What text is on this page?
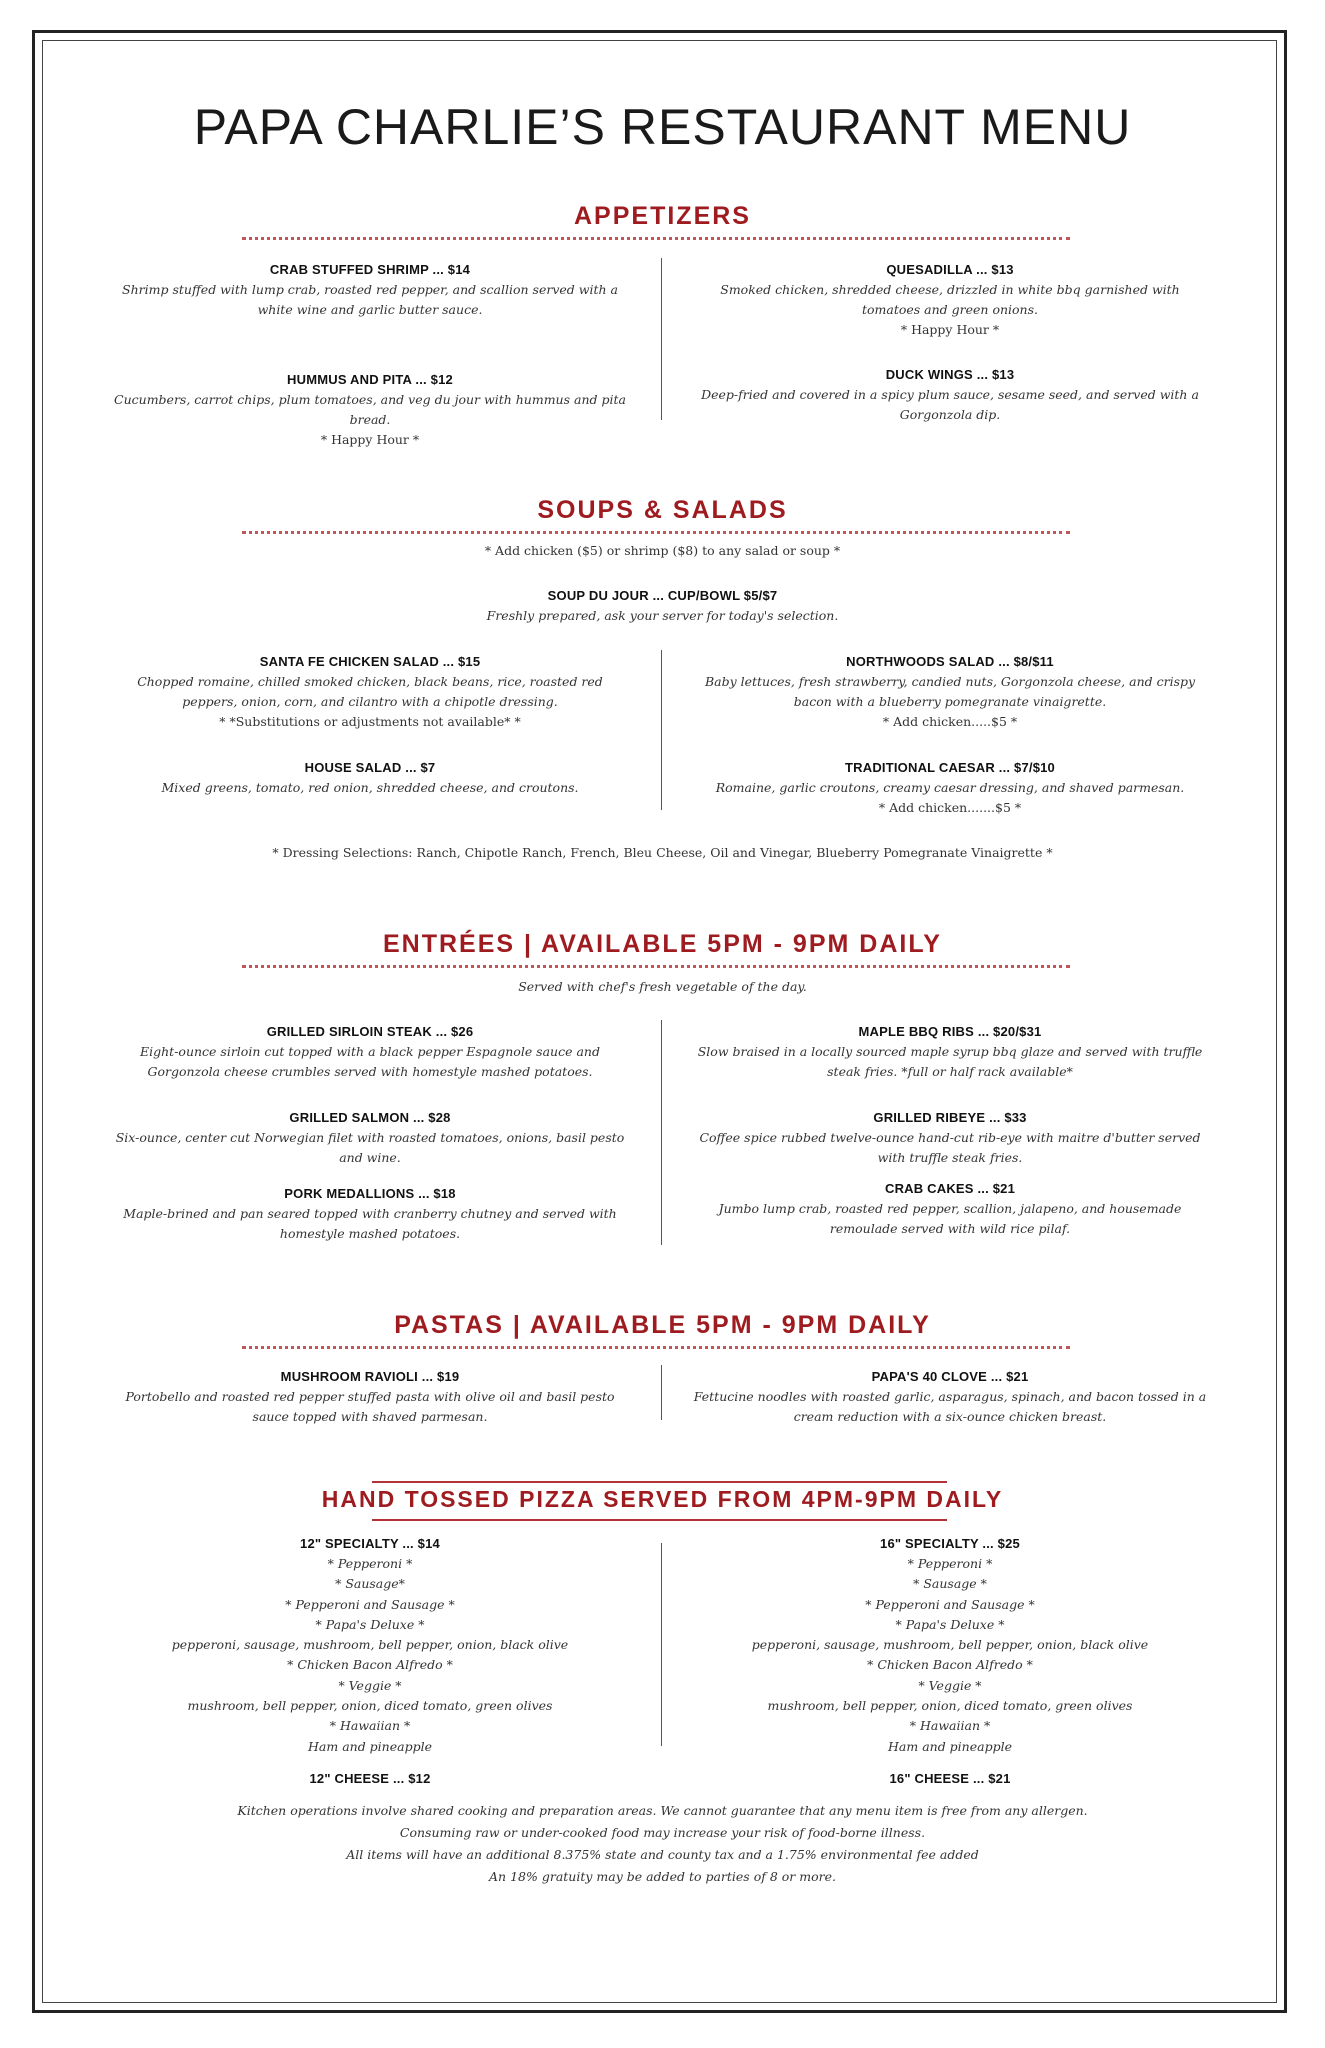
PAPA CHARLIE’S RESTAURANT MENU
APPETIZERS
CRAB STUFFED SHRIMP ... $14
Shrimp stuffed with lump crab, roasted red pepper, and scallion served with a white wine and garlic butter sauce.
HUMMUS AND PITA ... $12
Cucumbers, carrot chips, plum tomatoes, and veg du jour with hummus and pita bread.
* Happy Hour *
QUESADILLA ... $13
Smoked chicken, shredded cheese, drizzled in white bbq garnished with tomatoes and green onions.
* Happy Hour *
DUCK WINGS ... $13
Deep-fried and covered in a spicy plum sauce, sesame seed, and served with a Gorgonzola dip.
SOUPS & SALADS
* Add chicken ($5) or shrimp ($8) to any salad or soup *
SOUP DU JOUR ... CUP/BOWL $5/$7
Freshly prepared, ask your server for today's selection.
SANTA FE CHICKEN SALAD ... $15
Chopped romaine, chilled smoked chicken, black beans, rice, roasted red peppers, onion, corn, and cilantro with a chipotle dressing.
* *Substitutions or adjustments not available* *
HOUSE SALAD ... $7
Mixed greens, tomato, red onion, shredded cheese, and croutons.
NORTHWOODS SALAD ... $8/$11
Baby lettuces, fresh strawberry, candied nuts, Gorgonzola cheese, and crispy bacon with a blueberry pomegranate vinaigrette.
* Add chicken.....$5 *
TRADITIONAL CAESAR ... $7/$10
Romaine, garlic croutons, creamy caesar dressing, and shaved parmesan.
* Add chicken.......$5 *
* Dressing Selections: Ranch, Chipotle Ranch, French, Bleu Cheese, Oil and Vinegar, Blueberry Pomegranate Vinaigrette *
ENTRÉES | AVAILABLE 5PM - 9PM DAILY
Served with chef's fresh vegetable of the day.
GRILLED SIRLOIN STEAK ... $26
Eight-ounce sirloin cut topped with a black pepper Espagnole sauce and Gorgonzola cheese crumbles served with homestyle mashed potatoes.
GRILLED SALMON ... $28
Six-ounce, center cut Norwegian filet with roasted tomatoes, onions, basil pesto and wine.
PORK MEDALLIONS ... $18
Maple-brined and pan seared topped with cranberry chutney and served with homestyle mashed potatoes.
MAPLE BBQ RIBS ... $20/$31
Slow braised in a locally sourced maple syrup bbq glaze and served with truffle steak fries. *full or half rack available*
GRILLED RIBEYE ... $33
Coffee spice rubbed twelve-ounce hand-cut rib-eye with maitre d'butter served with truffle steak fries.
CRAB CAKES ... $21
Jumbo lump crab, roasted red pepper, scallion, jalapeno, and housemade remoulade served with wild rice pilaf.
PASTAS | AVAILABLE 5PM - 9PM DAILY
MUSHROOM RAVIOLI ... $19
Portobello and roasted red pepper stuffed pasta with olive oil and basil pesto sauce topped with shaved parmesan.
PAPA'S 40 CLOVE ... $21
Fettucine noodles with roasted garlic, asparagus, spinach, and bacon tossed in a cream reduction with a six-ounce chicken breast.
HAND TOSSED PIZZA SERVED FROM 4PM-9PM DAILY
12" SPECIALTY ... $14
* Pepperoni *
* Sausage*
* Pepperoni and Sausage *
* Papa's Deluxe *
pepperoni, sausage, mushroom, bell pepper, onion, black olive
* Chicken Bacon Alfredo *
* Veggie *
mushroom, bell pepper, onion, diced tomato, green olives
* Hawaiian *
Ham and pineapple
12" CHEESE ... $12
16" SPECIALTY ... $25
* Pepperoni *
* Sausage *
* Pepperoni and Sausage *
* Papa's Deluxe *
pepperoni, sausage, mushroom, bell pepper, onion, black olive
* Chicken Bacon Alfredo *
* Veggie *
mushroom, bell pepper, onion, diced tomato, green olives
* Hawaiian *
Ham and pineapple
16" CHEESE ... $21
Kitchen operations involve shared cooking and preparation areas. We cannot guarantee that any menu item is free from any allergen.
Consuming raw or under-cooked food may increase your risk of food-borne illness.
All items will have an additional 8.375% state and county tax and a 1.75% environmental fee added
An 18% gratuity may be added to parties of 8 or more.
